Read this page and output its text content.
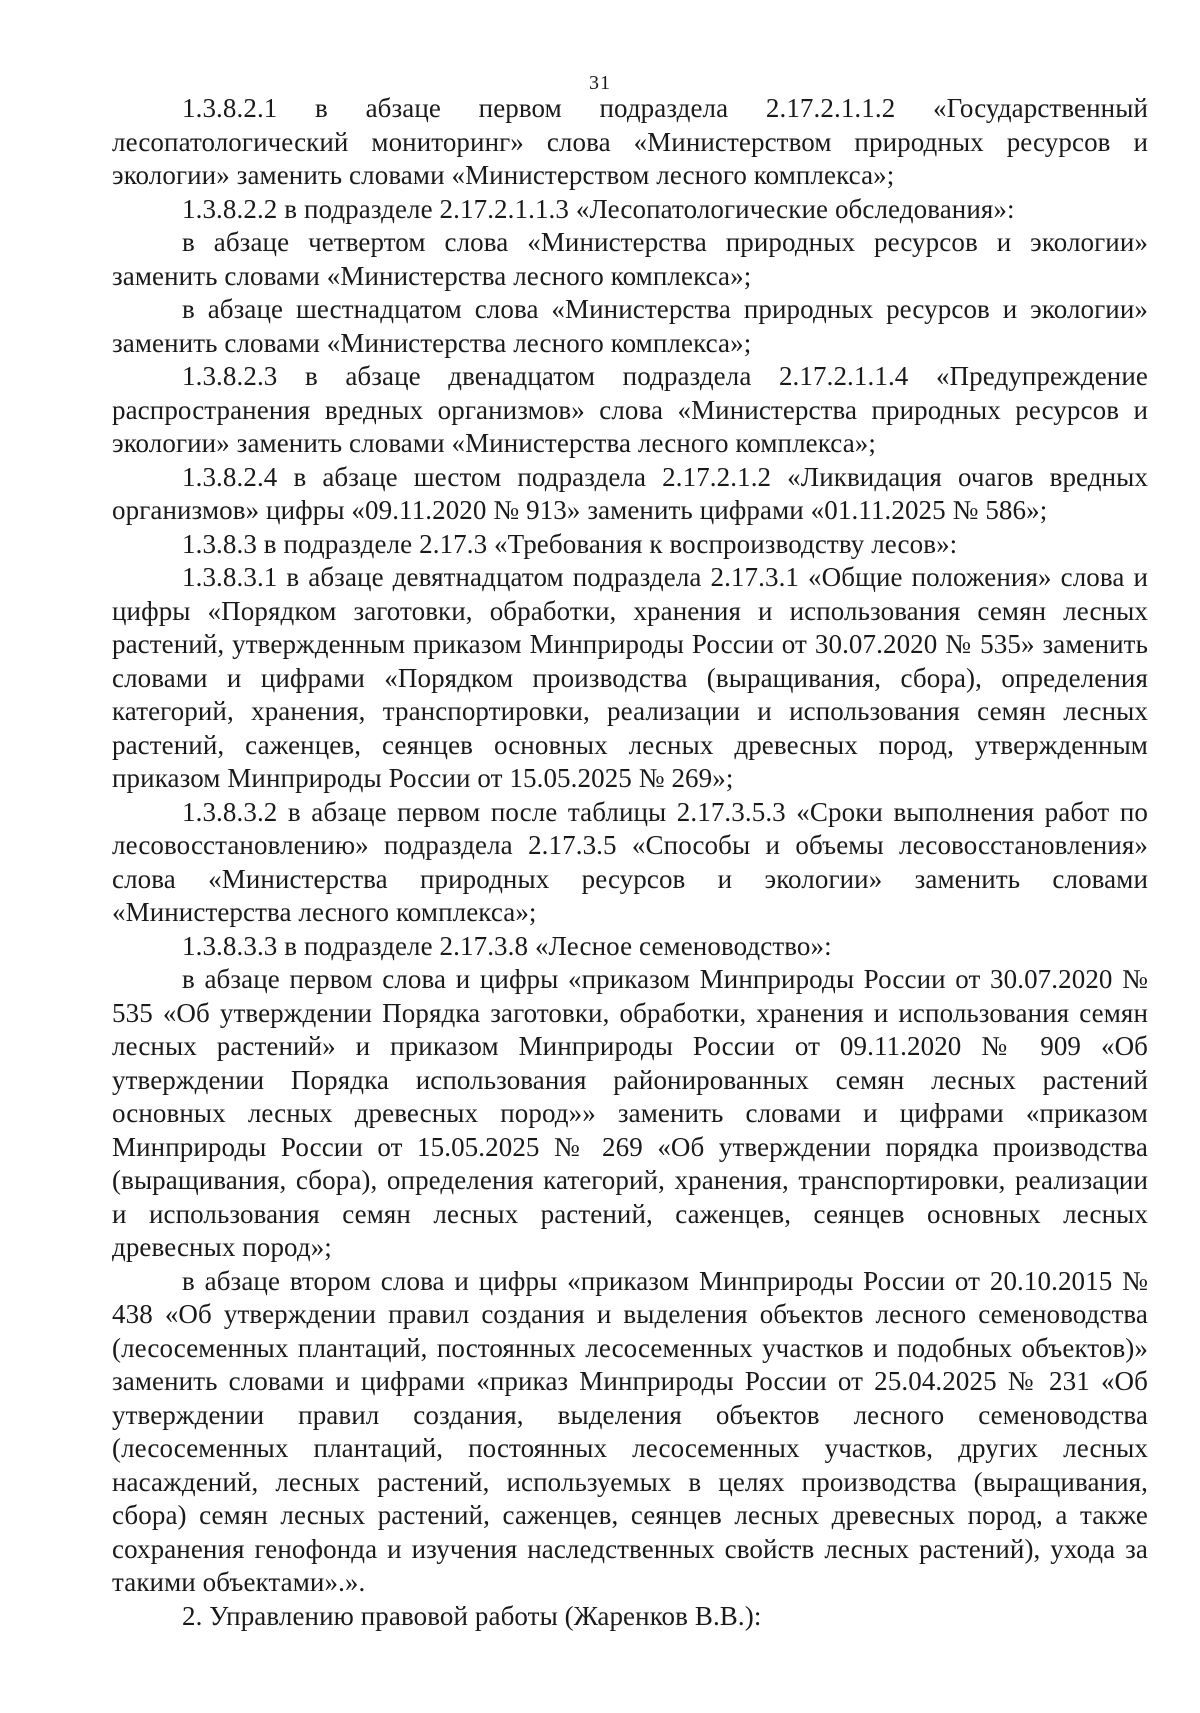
31

1.3.8.2.1 в абзаце первом подраздела 2.17.2.1.1.2 «Государственный лесопатологический мониторинг» слова «Министерством природных ресурсов и экологии» заменить словами «Министерством лесного комплекса»;

1.3.8.2.2 в подразделе 2.17.2.1.1.3 «Лесопатологические обследования»:

в абзаце четвертом слова «Министерства природных ресурсов и экологии» заменить словами «Министерства лесного комплекса»;

в абзаце шестнадцатом слова «Министерства природных ресурсов и экологии» заменить словами «Министерства лесного комплекса»;

1.3.8.2.3 в абзаце двенадцатом подраздела 2.17.2.1.1.4 «Предупреждение распространения вредных организмов» слова «Министерства природных ресурсов и экологии» заменить словами «Министерства лесного комплекса»;

1.3.8.2.4 в абзаце шестом подраздела 2.17.2.1.2 «Ликвидация очагов вредных организмов» цифры «09.11.2020 № 913» заменить цифрами «01.11.2025 № 586»;

1.3.8.3 в подразделе 2.17.3 «Требования к воспроизводству лесов»:

1.3.8.3.1 в абзаце девятнадцатом подраздела 2.17.3.1 «Общие положения» слова и цифры «Порядком заготовки, обработки, хранения и использования семян лесных растений, утвержденным приказом Минприроды России от 30.07.2020 № 535» заменить словами и цифрами «Порядком производства (выращивания, сбора), определения категорий, хранения, транспортировки, реализации и использования семян лесных растений, саженцев, сеянцев основных лесных древесных пород, утвержденным приказом Минприроды России от 15.05.2025 № 269»;

1.3.8.3.2 в абзаце первом после таблицы 2.17.3.5.3 «Сроки выполнения работ по лесовосстановлению» подраздела 2.17.3.5 «Способы и объемы лесовосстановления» слова «Министерства природных ресурсов и экологии» заменить словами «Министерства лесного комплекса»;

1.3.8.3.3 в подразделе 2.17.3.8 «Лесное семеноводство»:

в абзаце первом слова и цифры «приказом Минприроды России от 30.07.2020 № 535 «Об утверждении Порядка заготовки, обработки, хранения и использования семян лесных растений» и приказом Минприроды России от 09.11.2020 № 909 «Об утверждении Порядка использования районированных семян лесных растений основных лесных древесных пород»» заменить словами и цифрами «приказом Минприроды России от 15.05.2025 № 269 «Об утверждении порядка производства (выращивания, сбора), определения категорий, хранения, транспортировки, реализации и использования семян лесных растений, саженцев, сеянцев основных лесных древесных пород»;

в абзаце втором слова и цифры «приказом Минприроды России от 20.10.2015 № 438 «Об утверждении правил создания и выделения объектов лесного семеноводства (лесосеменных плантаций, постоянных лесосеменных участков и подобных объектов)» заменить словами и цифрами «приказ Минприроды России от 25.04.2025 № 231 «Об утверждении правил создания, выделения объектов лесного семеноводства (лесосеменных плантаций, постоянных лесосеменных участков, других лесных насаждений, лесных растений, используемых в целях производства (выращивания, сбора) семян лесных растений, саженцев, сеянцев лесных древесных пород, а также сохранения генофонда и изучения наследственных свойств лесных растений), ухода за такими объектами».».

2. Управлению правовой работы (Жаренков В.В.):
